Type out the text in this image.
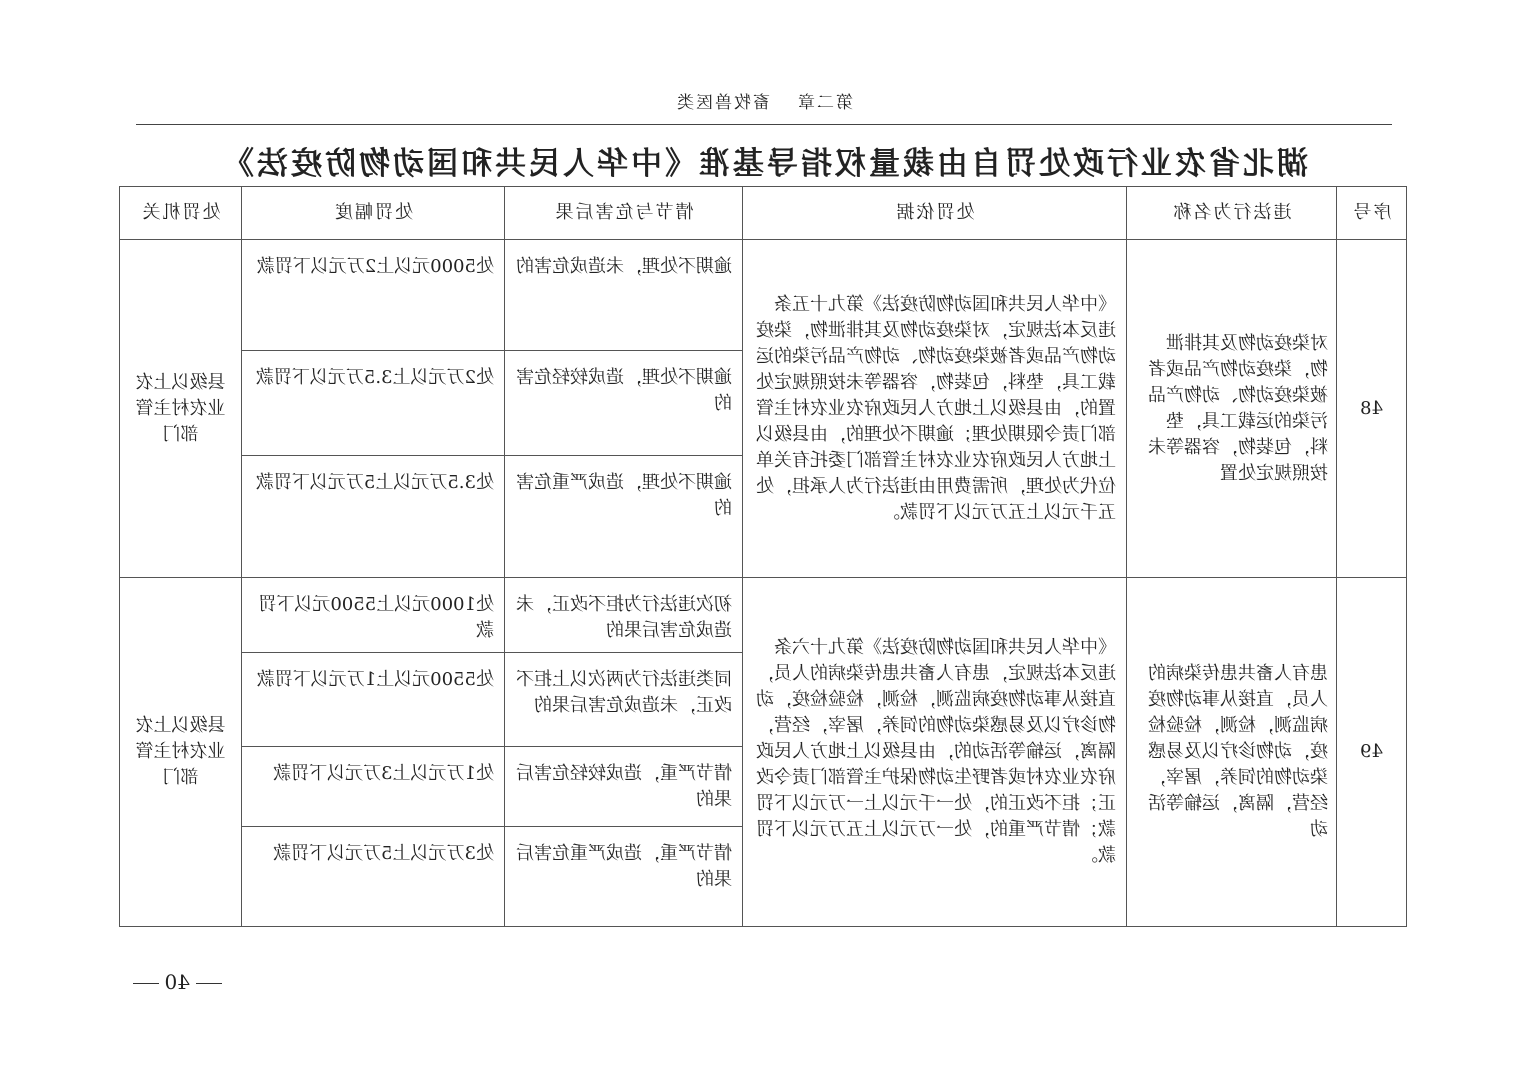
第二章畜牧兽医类
湖北省农业行政处罚自由裁量权指导基准《中华人民共和国动物防疫法》
序号	违法行为名称	处罚依据	情节与危害后果	处罚幅度	处罚机关
48	对染疫动物及其排泄物，染疫动物产品或者被染疫动物、动物产品污染的运载工具，垫料，包装物，容器等未按照规定处置	《中华人民共和国动物防疫法》第九十五条 违反本法规定，对染疫动物及其排泄物，染疫动物产品或者被染疫动物、动物产品污染的运载工具，垫料，包装物，容器等未按照规定处置的，由县级以上地方人民政府农业农村主管部门责令限期处理；逾期不处理的，由县级以上地方人民政府农业农村主管部门委托有关单位代为处理，所需费用由违法行为人承担，处五千元以上五万元以下罚款。	逾期不处理，未造成危害的	处5000元以上2万元以下罚款	县级以上农业农村主管部门
			逾期不处理，造成较轻危害的	处2万元以上3.5万元以下罚款	
			逾期不处理，造成严重危害的	处3.5万元以上5万元以下罚款	
49	患有人畜共患传染病的人员，直接从事动物疫病监测，检测，检验检疫，动物诊疗以及易感染动物的饲养，屠宰，经营，隔离，运输等活动	《中华人民共和国动物防疫法》第九十六条 违反本法规定，患有人畜共患传染病的人员，直接从事动物疫病监测，检测，检验检疫，动物诊疗以及易感染动物的饲养，屠宰，经营，隔离，运输等活动的，由县级以上地方人民政府农业农村或者野生动物保护主管部门责令改正；拒不改正的，处一千元以上一万元以下罚款；情节严重的，处一万元以上五万元以下罚款。	初次违法行为拒不改正，未造成危害后果的	处1000元以上5500元以下罚款	县级以上农业农村主管部门
			同类违法行为两次以上拒不改正，未造成危害后果的	处5500元以上1万元以下罚款	
			情节严重，造成较轻危害后果的	处1万元以上3万元以下罚款	
			情节严重，造成严重危害后果的	处3万元以上5万元以下罚款	
40
